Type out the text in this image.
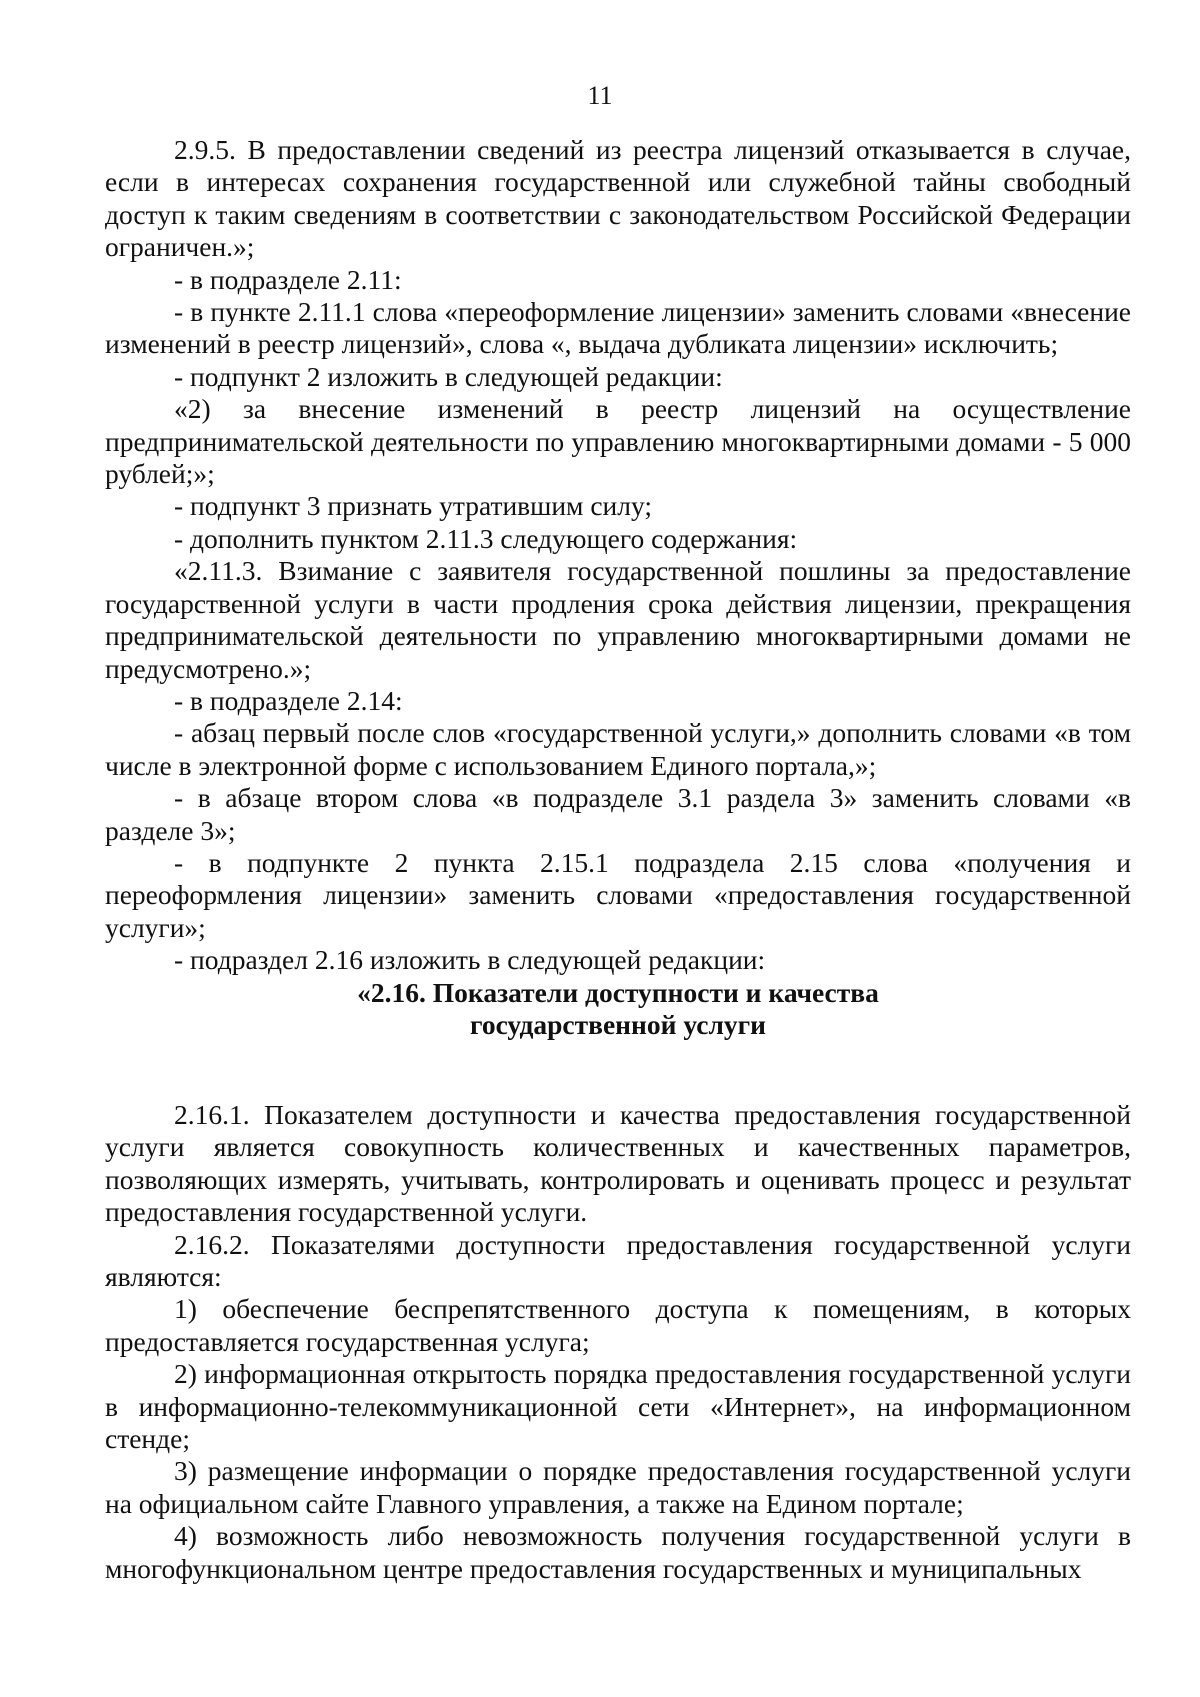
11

2.9.5. В предоставлении сведений из реестра лицензий отказывается в случае, если в интересах сохранения государственной или служебной тайны свободный доступ к таким сведениям в соответствии с законодательством Российской Федерации ограничен.»;

- в подразделе 2.11:

- в пункте 2.11.1 слова «переоформление лицензии» заменить словами «внесение изменений в реестр лицензий», слова «, выдача дубликата лицензии» исключить;

- подпункт 2 изложить в следующей редакции:

«2) за внесение изменений в реестр лицензий на осуществление предпринимательской деятельности по управлению многоквартирными домами - 5 000 рублей;»;

- подпункт 3 признать утратившим силу;

- дополнить пунктом 2.11.3 следующего содержания:

«2.11.3. Взимание с заявителя государственной пошлины за предоставление государственной услуги в части продления срока действия лицензии, прекращения предпринимательской деятельности по управлению многоквартирными домами не предусмотрено.»;

- в подразделе 2.14:

- абзац первый после слов «государственной услуги,» дополнить словами «в том числе в электронной форме с использованием Единого портала,»;

- в абзаце втором слова «в подразделе 3.1 раздела 3» заменить словами «в разделе 3»;

- в подпункте 2 пункта 2.15.1 подраздела 2.15 слова «получения и переоформления лицензии» заменить словами «предоставления государственной услуги»;

- подраздел 2.16 изложить в следующей редакции:

«2.16. Показатели доступности и качества

государственной услуги

2.16.1. Показателем доступности и качества предоставления государственной услуги является совокупность количественных и качественных параметров, позволяющих измерять, учитывать, контролировать и оценивать процесс и результат предоставления государственной услуги.

2.16.2. Показателями доступности предоставления государственной услуги являются:

1) обеспечение беспрепятственного доступа к помещениям, в которых предоставляется государственная услуга;

2) информационная открытость порядка предоставления государственной услуги в информационно-телекоммуникационной сети «Интернет», на информационном стенде;

3) размещение информации о порядке предоставления государственной услуги на официальном сайте Главного управления, а также на Едином портале;

4) возможность либо невозможность получения государственной услуги в многофункциональном центре предоставления государственных и муниципальных
